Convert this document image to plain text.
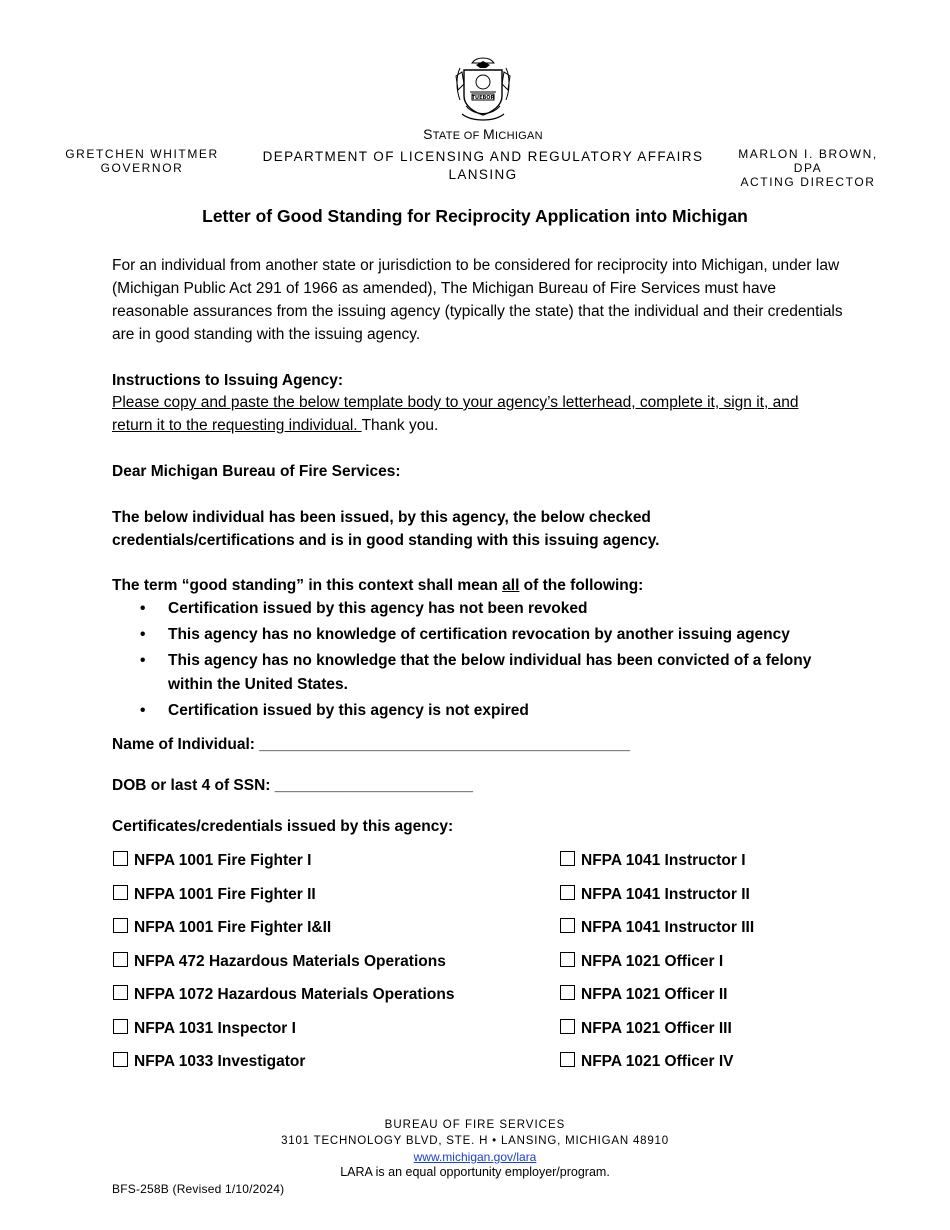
TUEBOR
GRETCHEN WHITMER
GOVERNOR
STATE OF MICHIGAN
DEPARTMENT OF LICENSING AND REGULATORY AFFAIRS
LANSING
MARLON I. BROWN, DPA
ACTING DIRECTOR
Letter of Good Standing for Reciprocity Application into Michigan
For an individual from another state or jurisdiction to be considered for reciprocity into Michigan, under law (Michigan Public Act 291 of 1966 as amended), The Michigan Bureau of Fire Services must have reasonable assurances from the issuing agency (typically the state) that the individual and their credentials are in good standing with the issuing agency.
Instructions to Issuing Agency:
Please copy and paste the below template body to your agency’s letterhead, complete it, sign it, and return it to the requesting individual. Thank you.
Dear Michigan Bureau of Fire Services:
The below individual has been issued, by this agency, the below checked credentials/certifications and is in good standing with this issuing agency.
The term “good standing” in this context shall mean all of the following:
• Certification issued by this agency has not been revoked
• This agency has no knowledge of certification revocation by another issuing agency
• This agency has no knowledge that the below individual has been convicted of a felony within the United States.
• Certification issued by this agency is not expired
Name of Individual: ___________________________________________
DOB or last 4 of SSN: _______________________
Certificates/credentials issued by this agency:
NFPA 1001 Fire Fighter I
NFPA 1001 Fire Fighter II
NFPA 1001 Fire Fighter I&II
NFPA 472 Hazardous Materials Operations
NFPA 1072 Hazardous Materials Operations
NFPA 1031 Inspector I
NFPA 1033 Investigator
NFPA 1041 Instructor I
NFPA 1041 Instructor II
NFPA 1041 Instructor III
NFPA 1021 Officer I
NFPA 1021 Officer II
NFPA 1021 Officer III
NFPA 1021 Officer IV
BUREAU OF FIRE SERVICES
3101 TECHNOLOGY BLVD, STE. H • LANSING, MICHIGAN 48910
www.michigan.gov/lara
LARA is an equal opportunity employer/program.
BFS-258B (Revised 1/10/2024)
